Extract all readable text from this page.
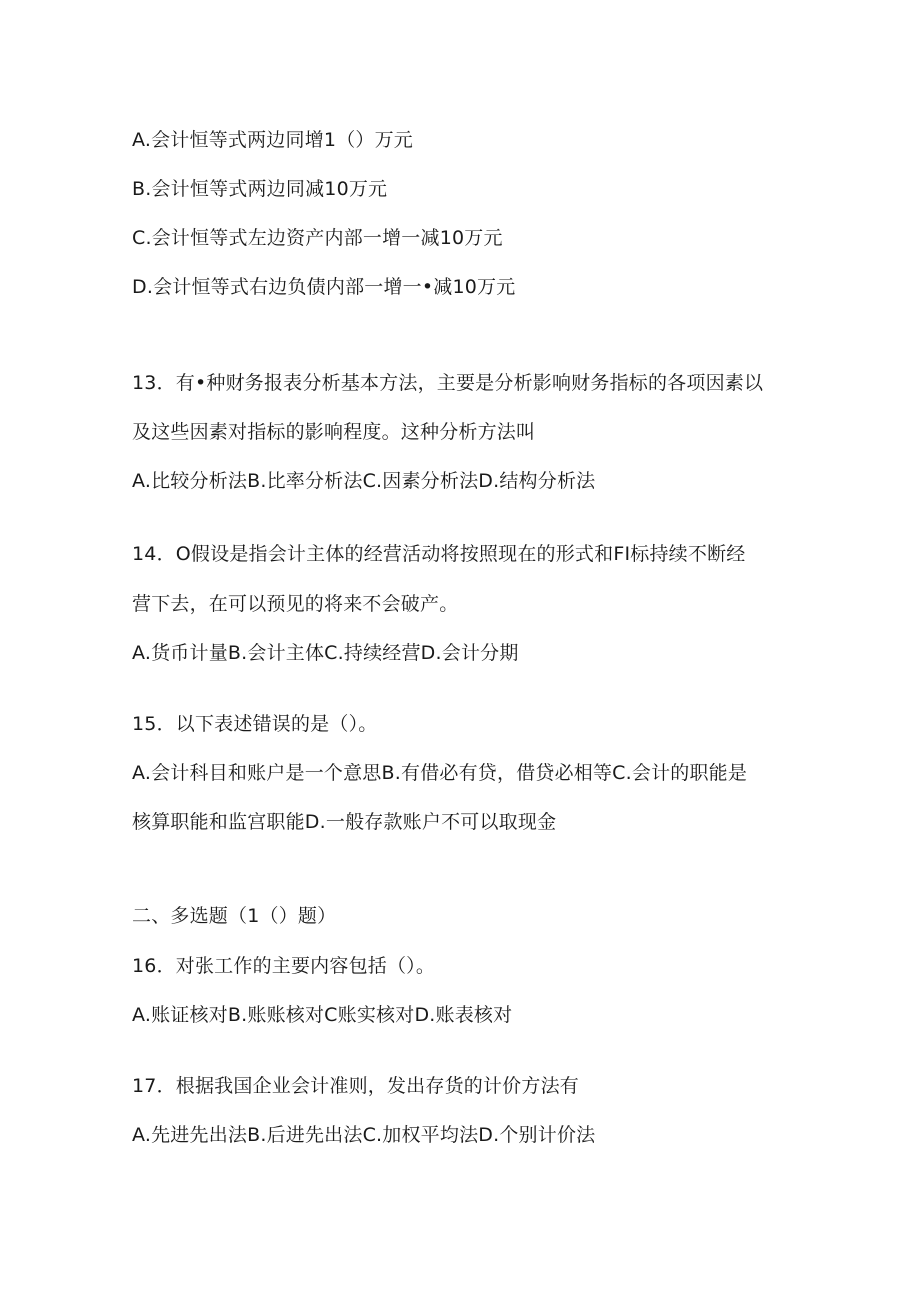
A.会计恒等式两边同增1（）万元

B.会计恒等式两边同减10万元

C.会计恒等式左边资产内部一增一减10万元

D.会计恒等式右边负债内部一增一•减10万元

13．有•种财务报表分析基本方法，主要是分析影响财务指标的各项因素以

及这些因素对指标的影响程度。这种分析方法叫

A.比较分析法B.比率分析法C.因素分析法D.结构分析法

14．O假设是指会计主体的经营活动将按照现在的形式和FI标持续不断经

营下去，在可以预见的将来不会破产。

A.货币计量B.会计主体C.持续经营D.会计分期

15．以下表述错误的是（）。

A.会计科目和账户是一个意思B.有借必有贷，借贷必相等C.会计的职能是

核算职能和监宫职能D.一般存款账户不可以取现金

二、多选题（1（）题）

16．对张工作的主要内容包括（）。

A.账证核对B.账账核对C账实核对D.账表核对

17．根据我国企业会计准则，发出存货的计价方法有

A.先进先出法B.后进先出法C.加权平均法D.个别计价法
